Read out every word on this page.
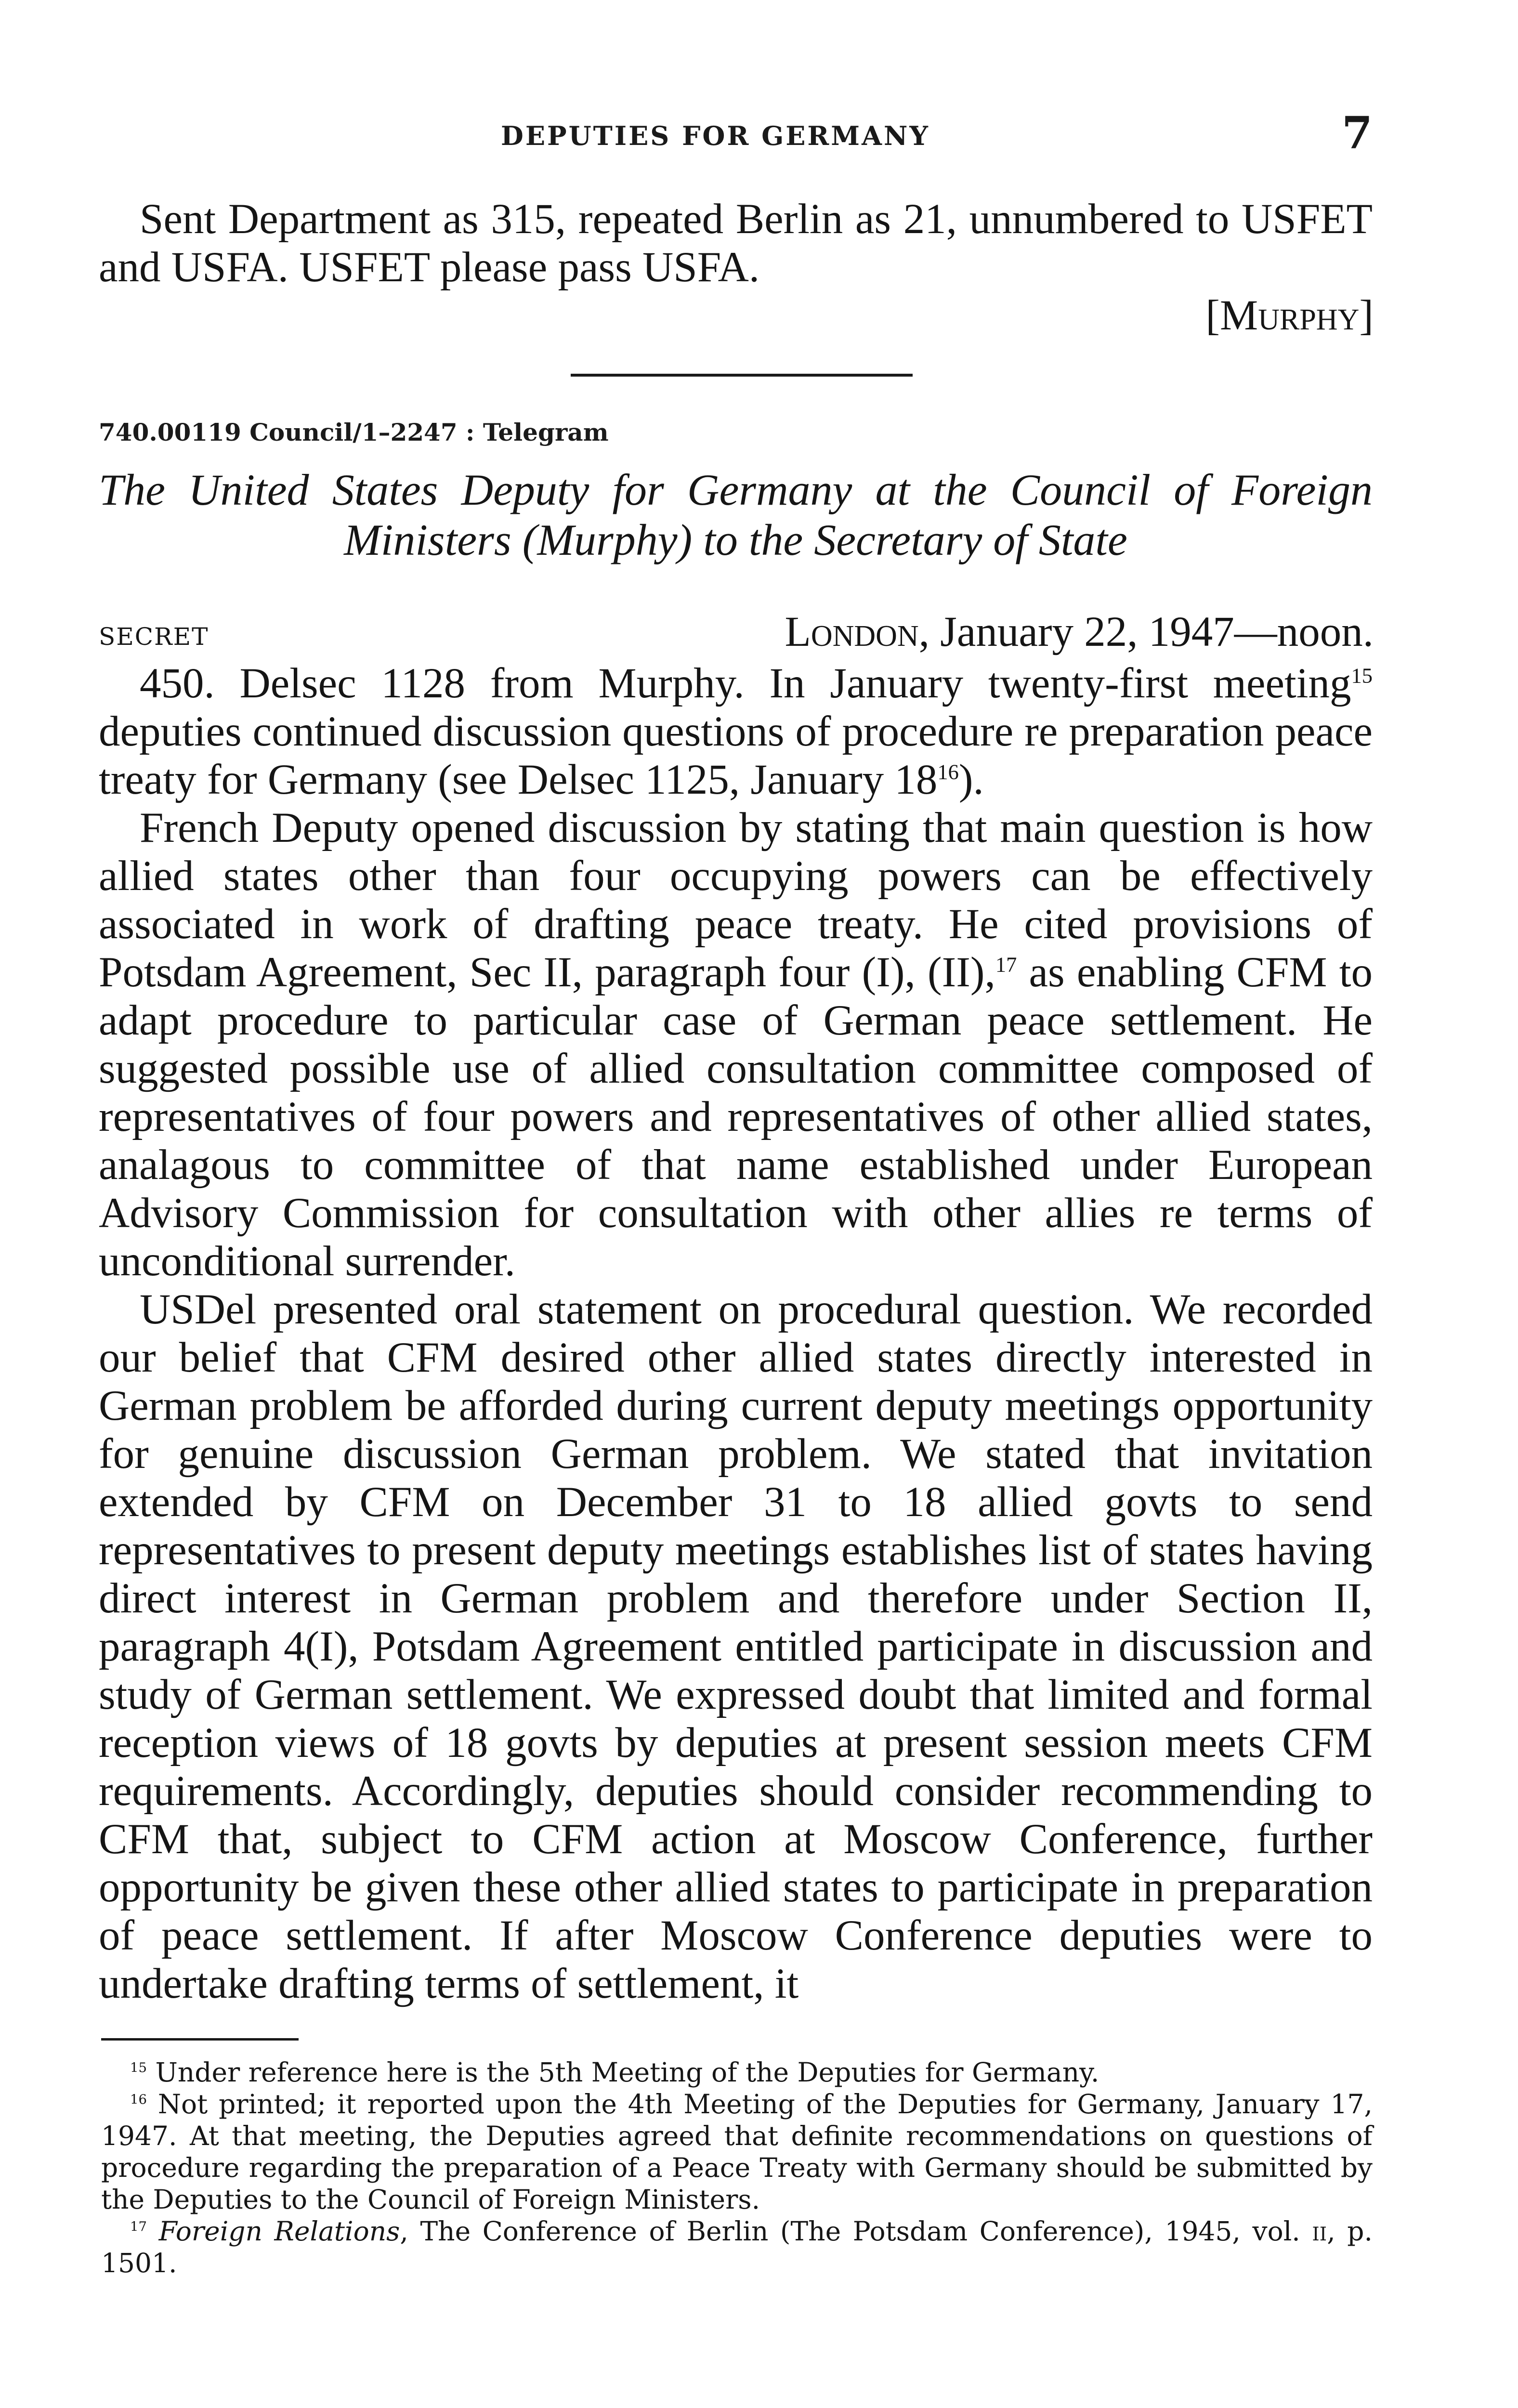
DEPUTIES FOR GERMANY	7
Sent Department as 315, repeated Berlin as 21, unnumbered to USFET and USFA. USFET please pass USFA.
[Murphy]
740.00119 Council/1–2247 : Telegram
The United States Deputy for Germany at the Council of Foreign
Ministers (Murphy) to the Secretary of State
SECRET	London, January 22, 1947—noon.

450. Delsec 1128 from Murphy. In January twenty-first meeting$^{15}$ deputies continued discussion questions of procedure re preparation peace treaty for Germany (see Delsec 1125, January $18^{16}$).

French Deputy opened discussion by stating that main question is how allied states other than four occupying powers can be effectively associated in work of drafting peace treaty. He cited provisions of Potsdam Agreement, Sec II, paragraph four (I), (II),$^{17}$ as enabling CFM to adapt procedure to particular case of German peace settlement. He suggested possible use of allied consultation committee composed of representatives of four powers and representatives of other allied states, analagous to committee of that name established under European Advisory Commission for consultation with other allies re terms of unconditional surrender.

USDel presented oral statement on procedural question. We recorded our belief that CFM desired other allied states directly interested in German problem be afforded during current deputy meetings opportunity for genuine discussion German problem. We stated that invitation extended by CFM on December 31 to 18 allied govts to send representatives to present deputy meetings establishes list of states having direct interest in German problem and therefore under Section II, paragraph 4(I), Potsdam Agreement entitled participate in discussion and study of German settlement. We expressed doubt that limited and formal reception views of 18 govts by deputies at present session meets CFM requirements. Accordingly, deputies should consider recommending to CFM that, subject to CFM action at Moscow Conference, further opportunity be given these other allied states to participate in preparation of peace settlement. If after Moscow Conference deputies were to undertake drafting terms of settlement, it

$^{15}$ Under reference here is the 5th Meeting of the Deputies for Germany.

$^{16}$ Not printed; it reported upon the 4th Meeting of the Deputies for Germany, January 17, 1947. At that meeting, the Deputies agreed that definite recommendations on questions of procedure regarding the preparation of a Peace Treaty with Germany should be submitted by the Deputies to the Council of Foreign Ministers.

$^{17}$ Foreign Relations, The Conference of Berlin (The Potsdam Conference), 1945, vol. ii, p. 1501.
